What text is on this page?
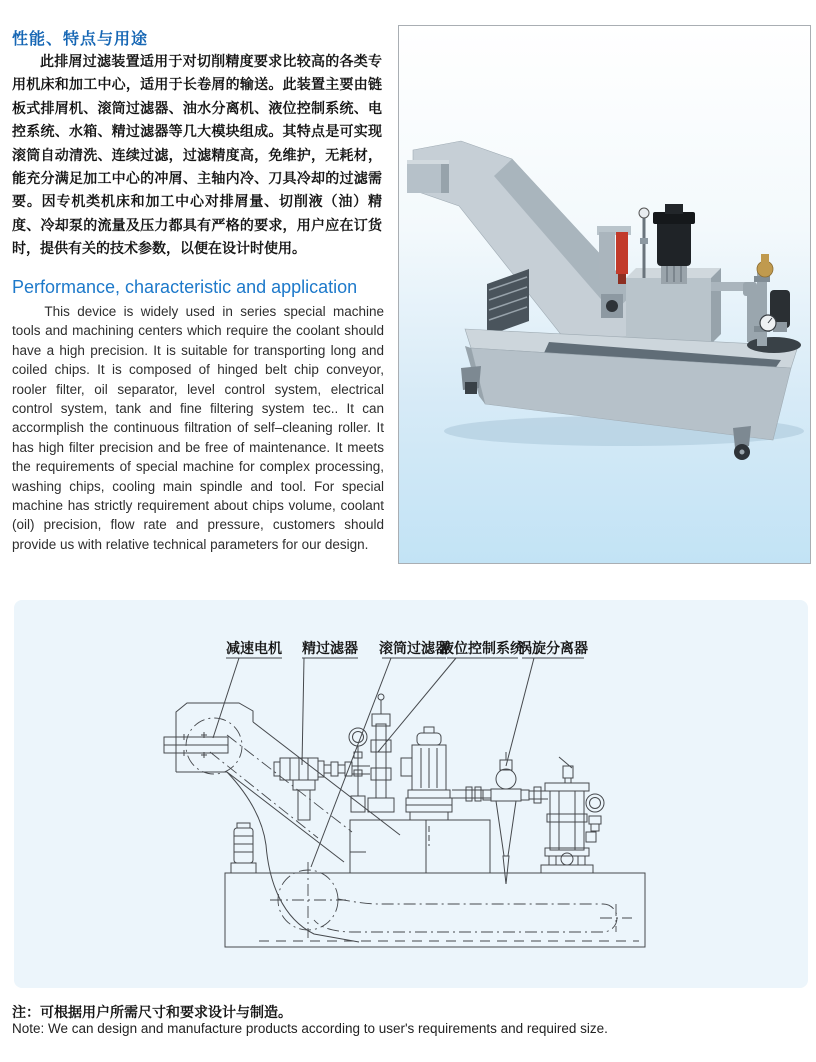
性能、特点与用途

此排屑过滤装置适用于对切削精度要求比较高的各类专用机床和加工中心，适用于长卷屑的输送。此装置主要由链板式排屑机、滚筒过滤器、油水分离机、液位控制系统、电控系统、水箱、精过滤器等几大模块组成。其特点是可实现滚筒自动清洗、连续过滤，过滤精度高，免维护，无耗材，能充分满足加工中心的冲屑、主轴内冷、刀具冷却的过滤需要。因专机类机床和加工中心对排屑量、切削液（油）精度、冷却泵的流量及压力都具有严格的要求，用户应在订货时，提供有关的技术参数，以便在设计时使用。

Performance, characteristic and application

This device is widely used in series special machine tools and machining centers which require the coolant should have a high precision. It is suitable for transporting long and coiled chips. It is composed of hinged belt chip conveyor, rooler filter, oil separator, level control system, electrical control system, tank and fine filtering system tec.. It can accormplish the continuous filtration of self–cleaning roller. It has high filter precision and be free of maintenance. It meets the requirements of special machine for complex processing, washing chips, cooling main spindle and tool. For special machine has strictly requirement about chips volume, coolant (oil) precision, flow rate and pressure, customers should provide us with relative technical parameters for our design.

减速电机 精过滤器 滚筒过滤器
液位控制系统
涡旋分离器

注：可根据用户所需尺寸和要求设计与制造。

Note: We can design and manufacture products according to user's requirements and required size.
